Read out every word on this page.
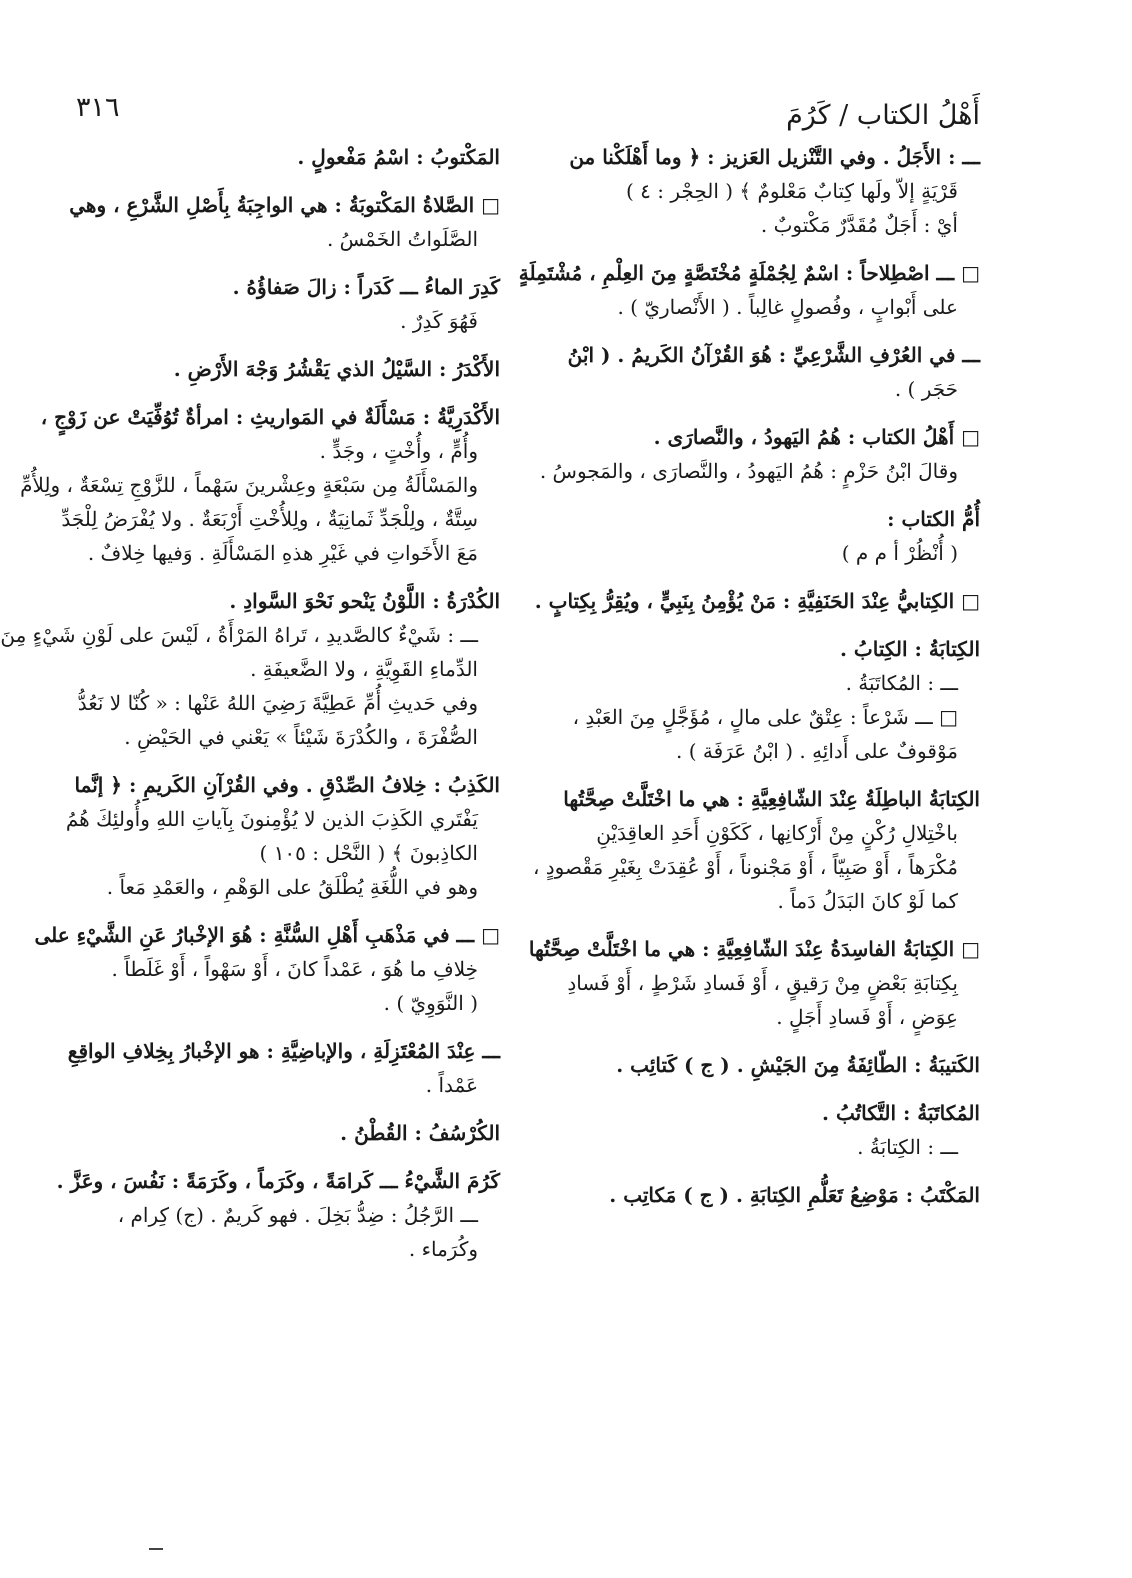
٣١٦	أَهْلُ الكتاب / كَرُمَ
ـــ : الأَجَلُ . وفي التَّنْزيل العَزيز : ﴿ وما أَهْلَكْنا من
قَرْيَةٍ إلاّ ولَها كِتابٌ مَعْلومٌ ﴾ ( الحِجْر : ٤ )
أيْ : أَجَلٌ مُقَدَّرٌ مَكْتوبٌ .
□ ـــ اصْطِلاحاً : اسْمٌ لِجُمْلَةٍ مُخْتَصَّةٍ مِنَ العِلْمِ ، مُشْتَمِلَةٍ
على أَبْوابٍ ، وفُصولٍ غالِباً . ( الأَنْصاريّ ) .
ـــ في العُرْفِ الشَّرْعِيِّ : هُوَ القُرْآنُ الكَريمُ . ( ابْنُ
حَجَر ) .
□ أَهْلُ الكتاب : هُمُ اليَهودُ ، والنَّصارَى .
وقالَ ابْنُ حَزْمٍ : هُمُ اليَهودُ ، والنَّصارَى ، والمَجوسُ .
أُمُّ الكتاب :
( أُنْظُرْ أ م م )
□ الكِتابيُّ عِنْدَ الحَنَفِيَّةِ : مَنْ يُؤْمِنُ بِنَبِيٍّ ، ويُقِرُّ بِكِتابٍ .
الكِتابَةُ : الكِتابُ .
ـــ : المُكاتَبَةُ .
□ ـــ شَرْعاً : عِتْقٌ على مالٍ ، مُؤَجَّلٍ مِنَ العَبْدِ ،
مَوْقوفٌ على أَدائِهِ . ( ابْنُ عَرَفَة ) .
الكِتابَةُ الباطِلَةُ عِنْدَ الشّافِعِيَّةِ : هي ما اخْتَلَّتْ صِحَّتُها
باخْتِلالِ رُكْنٍ مِنْ أَرْكانِها ، كَكَوْنِ أَحَدِ العاقِدَيْنِ
مُكْرَهاً ، أَوْ صَبِيّاً ، أَوْ مَجْنوناً ، أَوْ عُقِدَتْ بِغَيْرِ مَقْصودٍ ،
كما لَوْ كانَ البَدَلُ دَماً .
□ الكِتابَةُ الفاسِدَةُ عِنْدَ الشّافِعِيَّةِ : هي ما اخْتَلَّتْ صِحَّتُها
بِكِتابَةِ بَعْضٍ مِنْ رَقيقٍ ، أَوْ فَسادِ شَرْطٍ ، أَوْ فَسادِ
عِوَضٍ ، أَوْ فَسادِ أَجَلٍ .
الكَتيبَةُ : الطّائِفَةُ مِنَ الجَيْشِ . ( ج ) كَتائِب .
المُكاتَبَةُ : التَّكاتُبُ .
ـــ : الكِتابَةُ .
المَكْتَبُ : مَوْضِعُ تَعَلُّمِ الكِتابَةِ . ( ج ) مَكاتِب .
المَكْتوبُ : اسْمُ مَفْعولٍ .
□ الصَّلاةُ المَكْتوبَةُ : هي الواجِبَةُ بِأَصْلِ الشَّرْعِ ، وهي
الصَّلَواتُ الخَمْسُ .
كَدِرَ الماءُ ـــ كَدَراً : زالَ صَفاؤُهُ .
فَهُوَ كَدِرٌ .
الأَكْدَرُ : السَّيْلُ الذي يَقْشُرُ وَجْهَ الأَرْضِ .
الأَكْدَرِيَّةُ : مَسْأَلَةٌ في المَواريثِ : امرأةٌ تُوُفِّيَتْ عن زَوْجٍ ،
وأُمٍّ ، وأُخْتٍ ، وجَدٍّ .
والمَسْأَلَةُ مِن سَبْعَةٍ وعِشْرينَ سَهْماً ، للزَّوْجِ تِسْعَةٌ ، ولِلأُمِّ
سِتَّةٌ ، ولِلْجَدِّ ثَمانِيَةٌ ، ولِلأُخْتِ أَرْبَعَةٌ . ولا يُفْرَضُ لِلْجَدِّ
مَعَ الأَخَواتِ في غَيْرِ هذهِ المَسْأَلَةِ . وَفيها خِلافٌ .
الكُدْرَةُ : اللَّوْنُ يَنْحو نَحْوَ السَّوادِ .
ـــ : شَيْءٌ كالصَّديدِ ، تَراهُ المَرْأَةُ ، لَيْسَ على لَوْنِ شَيْءٍ مِنَ
الدِّماءِ القَوِيَّةِ ، ولا الضَّعيفَةِ .
وفي حَديثِ أُمِّ عَطِيَّةَ رَضِيَ اللهُ عَنْها : « كُنّا لا نَعُدُّ
الصُّفْرَةَ ، والكُدْرَةَ شَيْئاً » يَعْني في الحَيْضِ .
الكَذِبُ : خِلافُ الصِّدْقِ . وفي القُرْآنِ الكَريمِ : ﴿ إنَّما
يَفْتَري الكَذِبَ الذين لا يُؤْمِنونَ بِآياتِ اللهِ وأُولئِكَ هُمُ
الكاذِبونَ ﴾ ( النَّحْل : ١٠٥ )
وهو في اللُّغَةِ يُطْلَقُ على الوَهْمِ ، والعَمْدِ مَعاً .
□ ـــ في مَذْهَبِ أَهْلِ السُّنَّةِ : هُوَ الإخْبارُ عَنِ الشَّيْءِ على
خِلافِ ما هُوَ ، عَمْداً كانَ ، أَوْ سَهْواً ، أَوْ غَلَطاً .
( النَّوَوِيّ ) .
ـــ عِنْدَ المُعْتَزِلَةِ ، والإباضِيَّةِ : هو الإخْبارُ بِخِلافِ الواقِعِ
عَمْداً .
الكُرْسُفُ : القُطْنُ .
كَرُمَ الشَّيْءُ ـــ كَرامَةً ، وكَرَماً ، وكَرَمَةً : نَفُسَ ، وعَزَّ .
ـــ الرَّجُلُ : ضِدُّ بَخِلَ . فهو كَريمٌ . (ج) كِرام ،
وكُرَماء .
